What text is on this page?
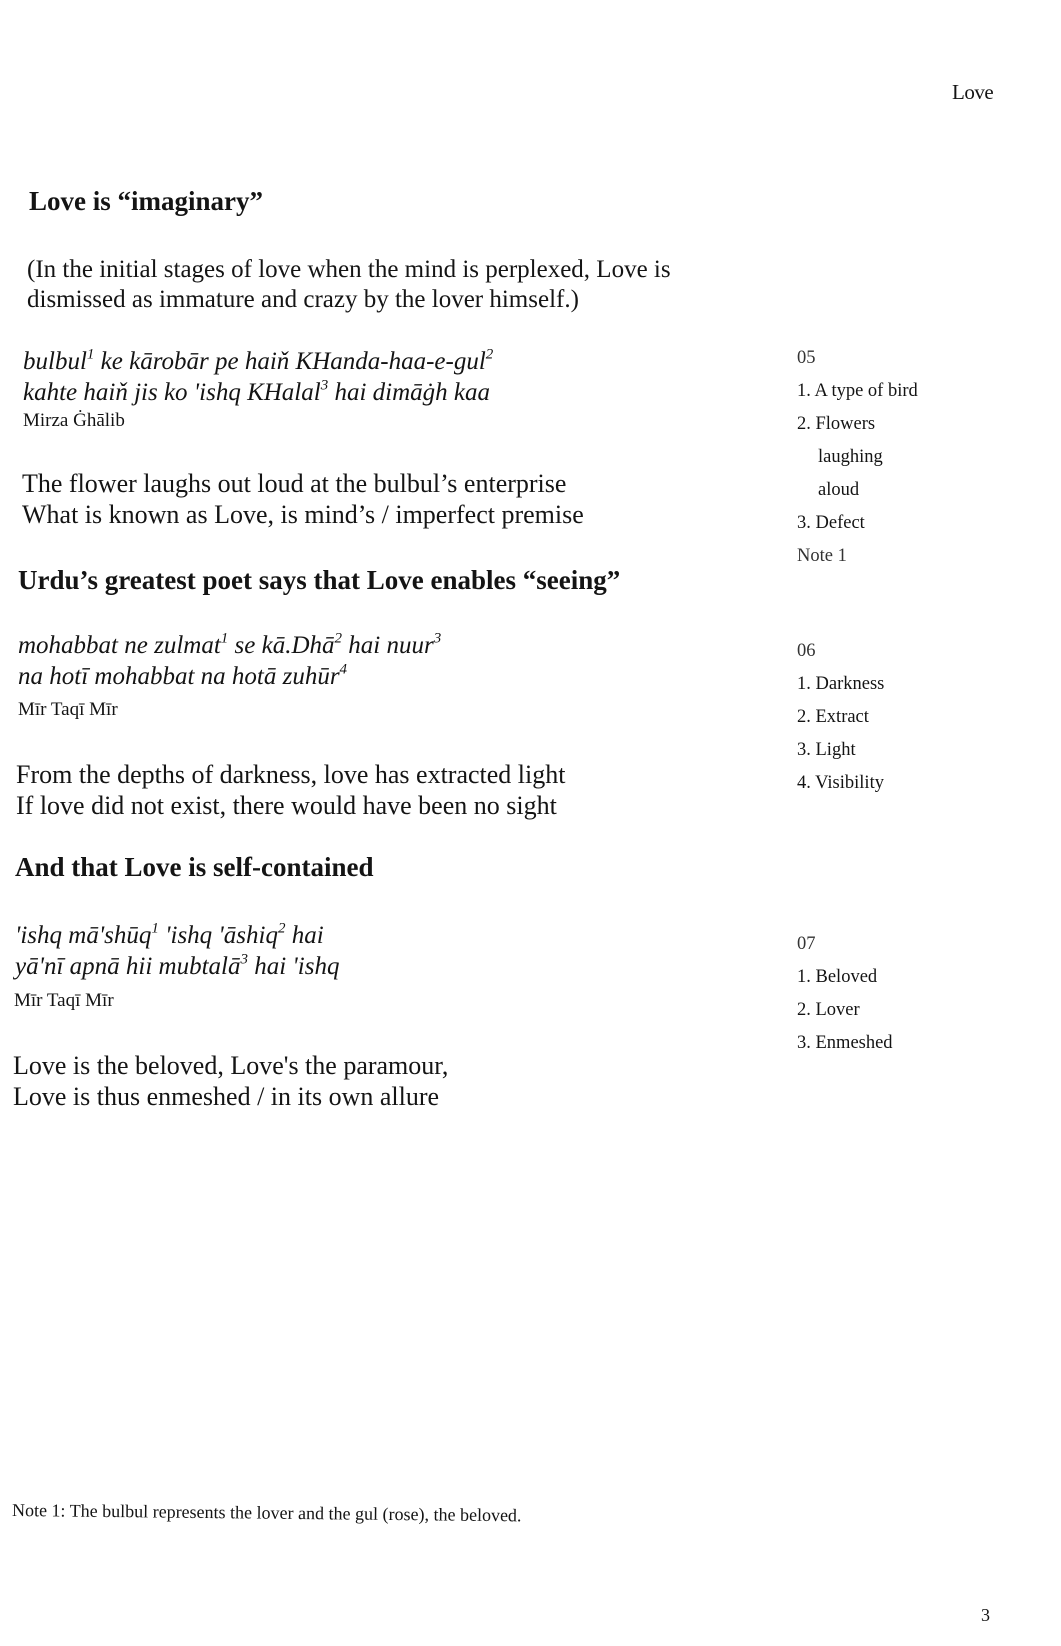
Love
Love is “imaginary”
(In the initial stages of love when the mind is perplexed, Love is
dismissed as immature and crazy by the lover himself.)
bulbul$^1$ ke kārobār pe haiň KHanda-haa-e-gul$^2$
kahte haiň jis ko 'ishq KHalal$^3$ hai dimāġh kaa
Mirza Ġhālib
The flower laughs out loud at the bulbul’s enterprise
What is known as Love, is mind’s / imperfect premise
05
1. A type of bird
2. Flowers
laughing
aloud
3. Defect
Note 1
Urdu’s greatest poet says that Love enables “seeing”
mohabbat ne zulmat$^1$ se kā.Dhā$^2$ hai nuur$^3$
na hotī mohabbat na hotā zuhūr$^4$
Mīr Taqī Mīr
From the depths of darkness, love has extracted light
If love did not exist, there would have been no sight
06
1. Darkness
2. Extract
3. Light
4. Visibility
And that Love is self-contained
'ishq mā'shūq$^1$ 'ishq 'āshiq$^2$ hai
yā'nī apnā hii mubtalā$^3$ hai 'ishq
Mīr Taqī Mīr
Love is the beloved, Love's the paramour,
Love is thus enmeshed / in its own allure
07
1. Beloved
2. Lover
3. Enmeshed
Note 1: The bulbul represents the lover and the gul (rose), the beloved.
3
